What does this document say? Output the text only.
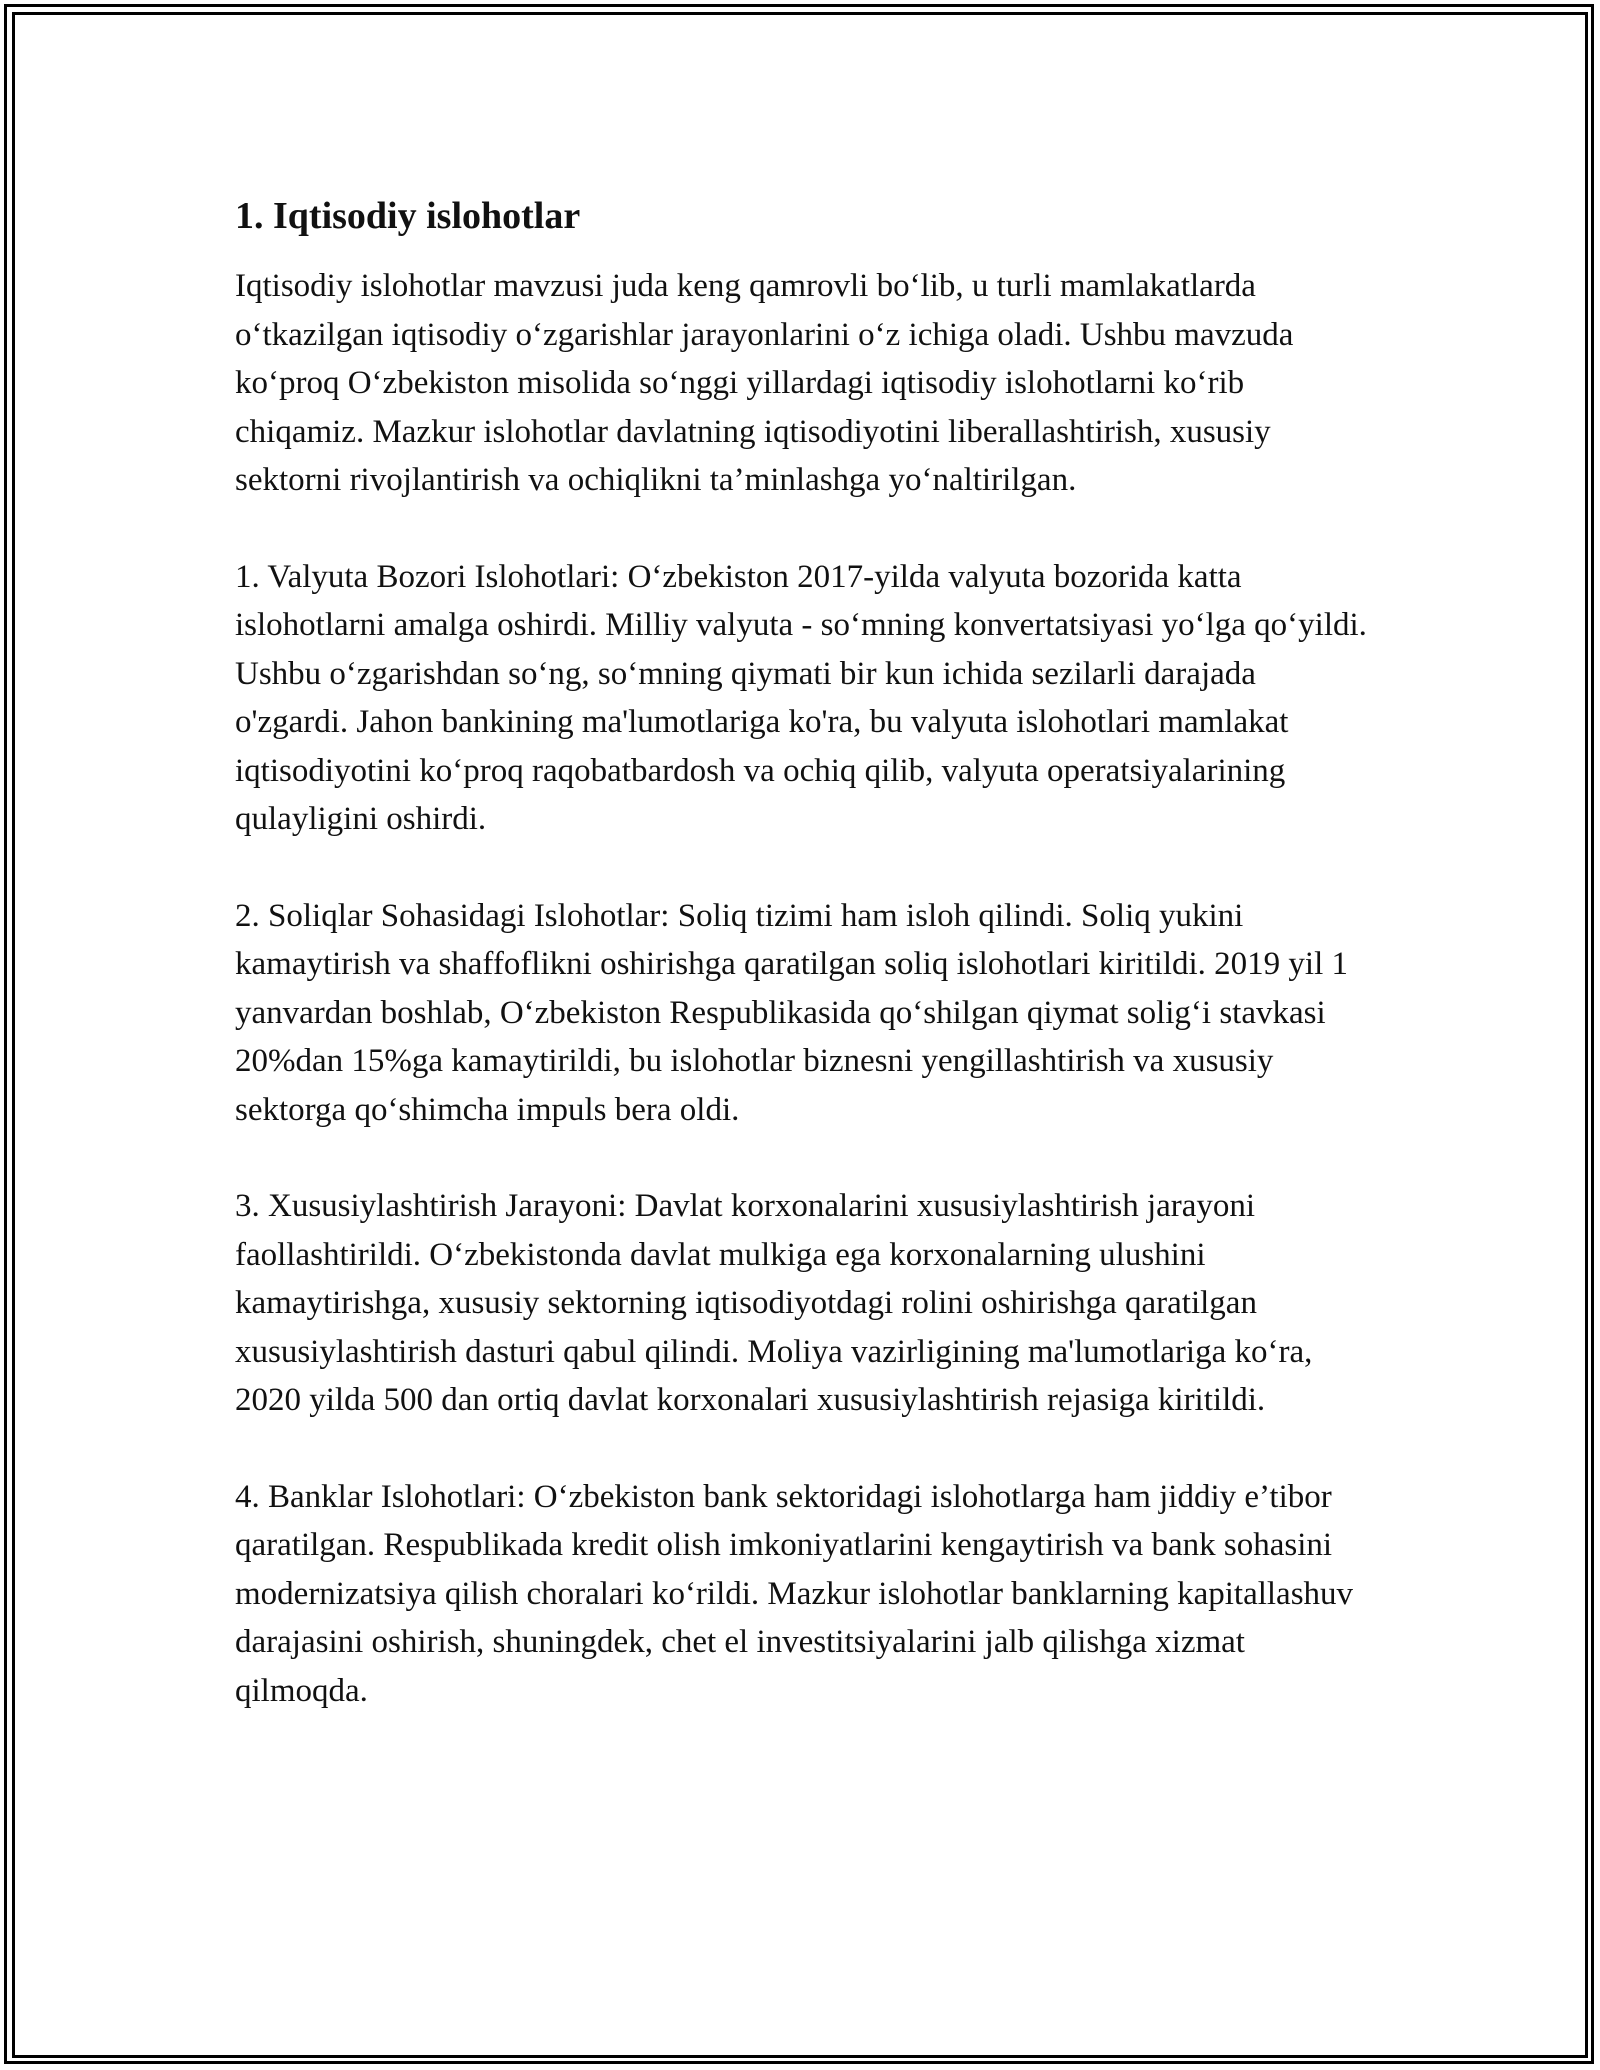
1. Iqtisodiy islohotlar

Iqtisodiy islohotlar mavzusi juda keng qamrovli bo‘lib, u turli mamlakatlarda o‘tkazilgan iqtisodiy o‘zgarishlar jarayonlarini o‘z ichiga oladi. Ushbu mavzuda ko‘proq O‘zbekiston misolida so‘nggi yillardagi iqtisodiy islohotlarni ko‘rib chiqamiz. Mazkur islohotlar davlatning iqtisodiyotini liberallashtirish, xususiy sektorni rivojlantirish va ochiqlikni ta’minlashga yo‘naltirilgan.

1. Valyuta Bozori Islohotlari: O‘zbekiston 2017-yilda valyuta bozorida katta islohotlarni amalga oshirdi. Milliy valyuta - so‘mning konvertatsiyasi yo‘lga qo‘yildi. Ushbu o‘zgarishdan so‘ng, so‘mning qiymati bir kun ichida sezilarli darajada o'zgardi. Jahon bankining ma'lumotlariga ko'ra, bu valyuta islohotlari mamlakat iqtisodiyotini ko‘proq raqobatbardosh va ochiq qilib, valyuta operatsiyalarining qulayligini oshirdi.

2. Soliqlar Sohasidagi Islohotlar: Soliq tizimi ham isloh qilindi. Soliq yukini kamaytirish va shaffoflikni oshirishga qaratilgan soliq islohotlari kiritildi. 2019 yil 1 yanvardan boshlab, O‘zbekiston Respublikasida qo‘shilgan qiymat solig‘i stavkasi 20%dan 15%ga kamaytirildi, bu islohotlar biznesni yengillashtirish va xususiy sektorga qo‘shimcha impuls bera oldi.

3. Xususiylashtirish Jarayoni: Davlat korxonalarini xususiylashtirish jarayoni faollashtirildi. O‘zbekistonda davlat mulkiga ega korxonalarning ulushini kamaytirishga, xususiy sektorning iqtisodiyotdagi rolini oshirishga qaratilgan xususiylashtirish dasturi qabul qilindi. Moliya vazirligining ma'lumotlariga ko‘ra, 2020 yilda 500 dan ortiq davlat korxonalari xususiylashtirish rejasiga kiritildi.

4. Banklar Islohotlari: O‘zbekiston bank sektoridagi islohotlarga ham jiddiy e’tibor qaratilgan. Respublikada kredit olish imkoniyatlarini kengaytirish va bank sohasini modernizatsiya qilish choralari ko‘rildi. Mazkur islohotlar banklarning kapitallashuv darajasini oshirish, shuningdek, chet el investitsiyalarini jalb qilishga xizmat qilmoqda.
